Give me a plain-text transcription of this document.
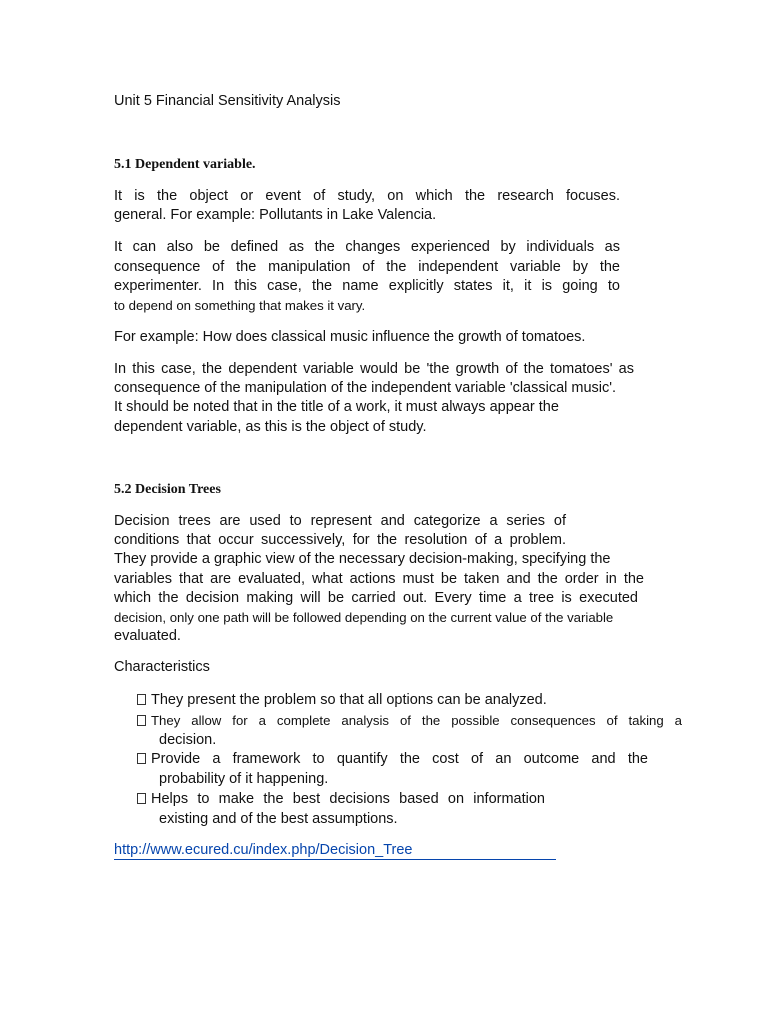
Unit 5 Financial Sensitivity Analysis
5.1 Dependent variable.
It is the object or event of study, on which the research focuses.
general. For example: Pollutants in Lake Valencia.
It can also be defined as the changes experienced by individuals as
consequence of the manipulation of the independent variable by the
experimenter. In this case, the name explicitly states it, it is going to
to depend on something that makes it vary.
For example: How does classical music influence the growth of tomatoes.
In this case, the dependent variable would be 'the growth of the tomatoes' as
consequence of the manipulation of the independent variable 'classical music'.
It should be noted that in the title of a work, it must always appear the
dependent variable, as this is the object of study.
5.2 Decision Trees
Decision trees are used to represent and categorize a series of
conditions that occur successively, for the resolution of a problem.
They provide a graphic view of the necessary decision-making, specifying the
variables that are evaluated, what actions must be taken and the order in the
which the decision making will be carried out. Every time a tree is executed
decision, only one path will be followed depending on the current value of the variable
evaluated.
Characteristics
They present the problem so that all options can be analyzed.
They allow for a complete analysis of the possible consequences of taking a
decision.
Provide a framework to quantify the cost of an outcome and the
probability of it happening.
Helps to make the best decisions based on information
existing and of the best assumptions.
http://www.ecured.cu/index.php/Decision_Tree
